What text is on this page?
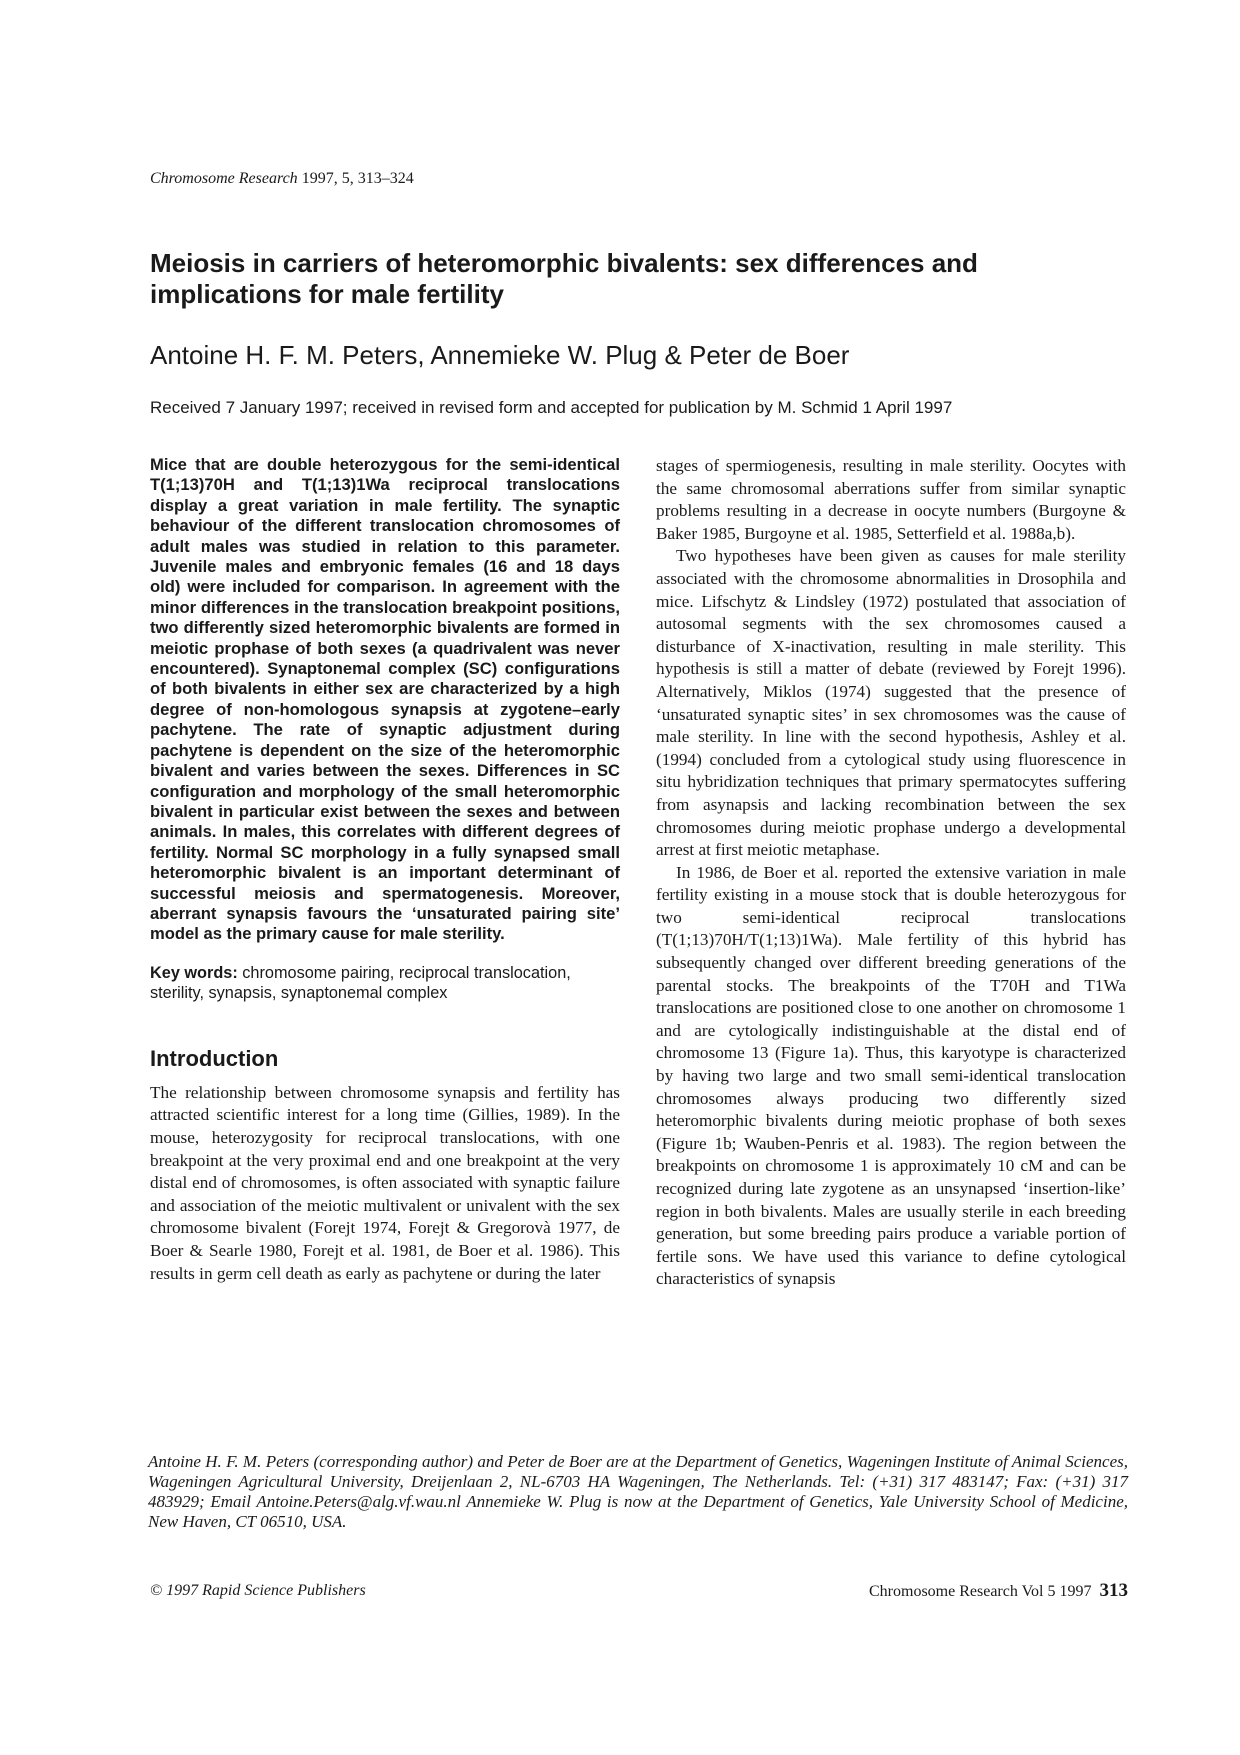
Chromosome Research 1997, 5, 313–324
Meiosis in carriers of heteromorphic bivalents: sex differences and implications for male fertility
Antoine H. F. M. Peters, Annemieke W. Plug & Peter de Boer
Received 7 January 1997; received in revised form and accepted for publication by M. Schmid 1 April 1997

Mice that are double heterozygous for the semi-identical T(1;13)70H and T(1;13)1Wa reciprocal translocations display a great variation in male fertility. The synaptic behaviour of the different translocation chromosomes of adult males was studied in relation to this parameter. Juvenile males and embryonic females (16 and 18 days old) were included for comparison. In agreement with the minor differences in the translocation breakpoint positions, two differently sized heteromorphic bivalents are formed in meiotic prophase of both sexes (a quadrivalent was never encountered). Synaptonemal complex (SC) configurations of both bivalents in either sex are characterized by a high degree of non-homologous synapsis at zygotene–early pachytene. The rate of synaptic adjustment during pachytene is dependent on the size of the heteromorphic bivalent and varies between the sexes. Differences in SC configuration and morphology of the small heteromorphic bivalent in particular exist between the sexes and between animals. In males, this correlates with different degrees of fertility. Normal SC morphology in a fully synapsed small heteromorphic bivalent is an important determinant of successful meiosis and spermatogenesis. Moreover, aberrant synapsis favours the ‘unsaturated pairing site’ model as the primary cause for male sterility.

Key words: chromosome pairing, reciprocal translocation, sterility, synapsis, synaptonemal complex

Introduction

The relationship between chromosome synapsis and fertility has attracted scientific interest for a long time (Gillies, 1989). In the mouse, heterozygosity for reciprocal translocations, with one breakpoint at the very proximal end and one breakpoint at the very distal end of chromosomes, is often associated with synaptic failure and association of the meiotic multivalent or univalent with the sex chromosome bivalent (Forejt 1974, Forejt & Gregorovà 1977, de Boer & Searle 1980, Forejt et al. 1981, de Boer et al. 1986). This results in germ cell death as early as pachytene or during the later

stages of spermiogenesis, resulting in male sterility. Oocytes with the same chromosomal aberrations suffer from similar synaptic problems resulting in a decrease in oocyte numbers (Burgoyne & Baker 1985, Burgoyne et al. 1985, Setterfield et al. 1988a,b).

Two hypotheses have been given as causes for male sterility associated with the chromosome abnormalities in Drosophila and mice. Lifschytz & Lindsley (1972) postulated that association of autosomal segments with the sex chromosomes caused a disturbance of X-inactivation, resulting in male sterility. This hypothesis is still a matter of debate (reviewed by Forejt 1996). Alternatively, Miklos (1974) suggested that the presence of ‘unsaturated synaptic sites’ in sex chromosomes was the cause of male sterility. In line with the second hypothesis, Ashley et al. (1994) concluded from a cytological study using fluorescence in situ hybridization techniques that primary spermatocytes suffering from asynapsis and lacking recombination between the sex chromosomes during meiotic prophase undergo a developmental arrest at first meiotic metaphase.

In 1986, de Boer et al. reported the extensive variation in male fertility existing in a mouse stock that is double heterozygous for two semi-identical reciprocal translocations (T(1;13)70H/T(1;13)1Wa). Male fertility of this hybrid has subsequently changed over different breeding generations of the parental stocks. The breakpoints of the T70H and T1Wa translocations are positioned close to one another on chromosome 1 and are cytologically indistinguishable at the distal end of chromosome 13 (Figure 1a). Thus, this karyotype is characterized by having two large and two small semi-identical translocation chromosomes always producing two differently sized heteromorphic bivalents during meiotic prophase of both sexes (Figure 1b; Wauben-Penris et al. 1983). The region between the breakpoints on chromosome 1 is approximately 10 cM and can be recognized during late zygotene as an unsynapsed ‘insertion-like’ region in both bivalents. Males are usually sterile in each breeding generation, but some breeding pairs produce a variable portion of fertile sons. We have used this variance to define cytological characteristics of synapsis

Antoine H. F. M. Peters (corresponding author) and Peter de Boer are at the Department of Genetics, Wageningen Institute of Animal Sciences, Wageningen Agricultural University, Dreijenlaan 2, NL-6703 HA Wageningen, The Netherlands. Tel: (+31) 317 483147; Fax: (+31) 317 483929; Email Antoine.Peters@alg.vf.wau.nl Annemieke W. Plug is now at the Department of Genetics, Yale University School of Medicine, New Haven, CT 06510, USA.
© 1997 Rapid Science Publishers	Chromosome Research Vol 5 1997 313
